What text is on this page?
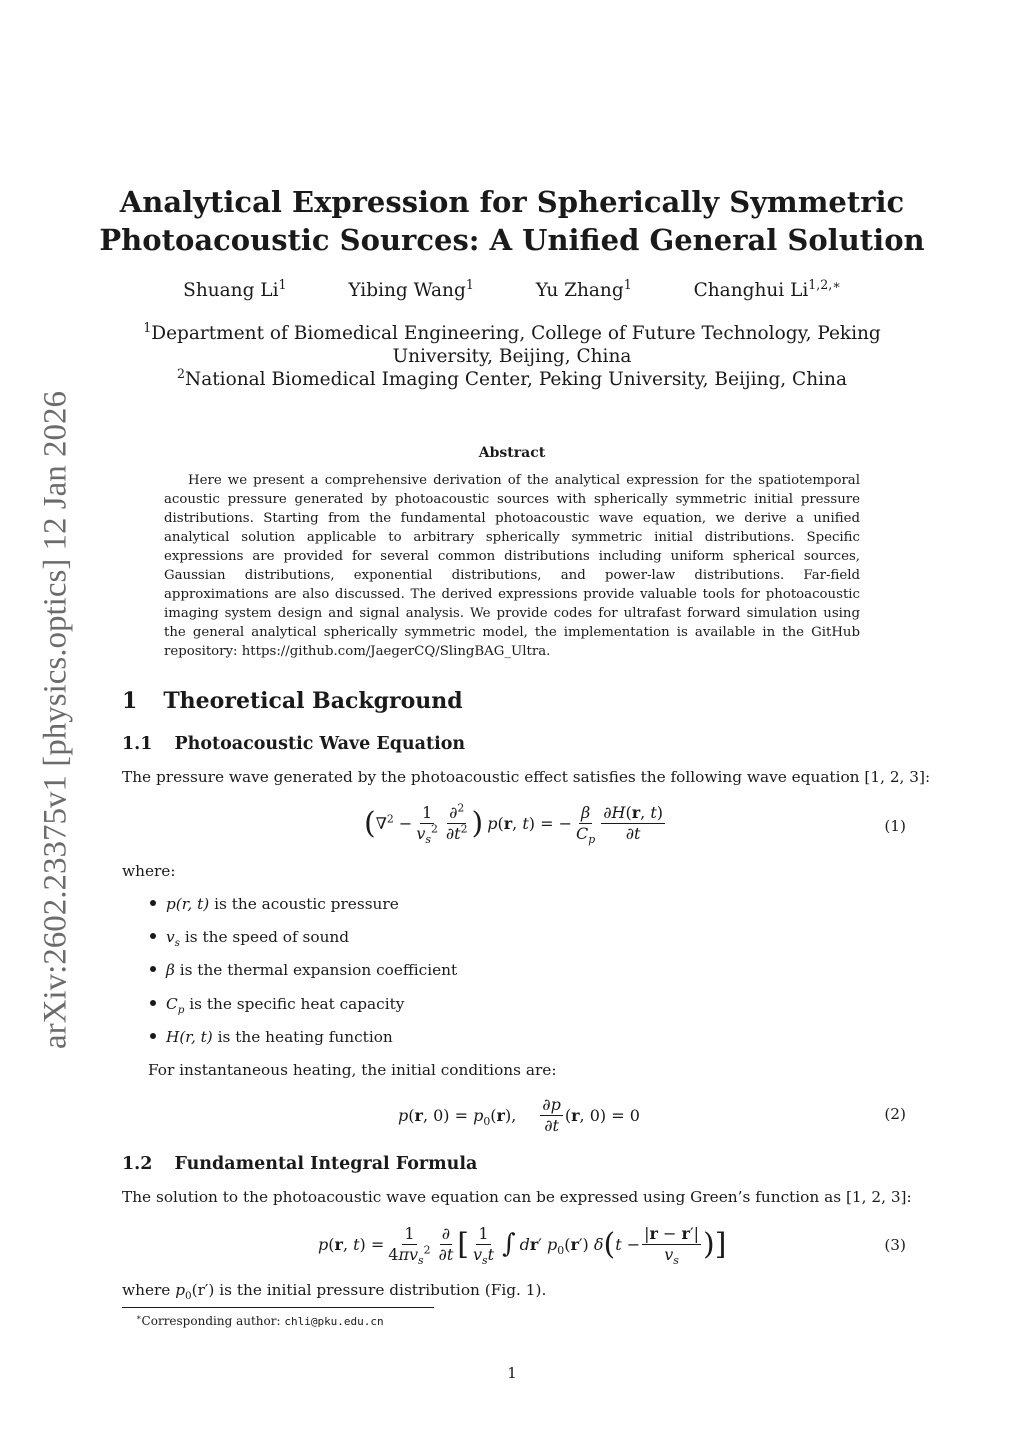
arXiv:2602.23375v1 [physics.optics] 12 Jan 2026
Analytical Expression for Spherically Symmetric
Photoacoustic Sources: A Unified General Solution
Shuang Li$^1$	Yibing Wang$^1$	Yu Zhang$^1$	Changhui $Li^{1,2,∗}$
$^1$Department of Biomedical Engineering, College of Future Technology, Peking
University, Beijing, China
$^2$National Biomedical Imaging Center, Peking University, Beijing, China
Abstract
Here we present a comprehensive derivation of the analytical expression for the spatiotemporal acoustic pressure generated by photoacoustic sources with spherically symmetric initial pressure distributions. Starting from the fundamental photoacoustic wave equation, we derive a unified analytical solution applicable to arbitrary spherically symmetric initial distributions. Specific expressions are provided for several common distributions including uniform spherical sources, Gaussian distributions, exponential distributions, and power-law distributions. Far-field approximations are also discussed. The derived expressions provide valuable tools for photoacoustic imaging system design and signal analysis. We provide codes for ultrafast forward simulation using the general analytical spherically symmetric model, the implementation is available in the GitHub repository: https://github.com/JaegerCQ/SlingBAG_Ultra.
1 Theoretical Background
1.1 Photoacoustic Wave Equation
The pressure wave generated by the photoacoustic effect satisfies the following wave equation [1, 2, 3]:
( $\nabla^2 - \frac{1}{v_s^2} \frac{\partial^2}{\partial t^2}$ ) p(r, t) = − $\frac{\beta}{C_p} \frac{\partial H(r, t)}{\partial t}$	(1)
where:
p(r, t) is the acoustic pressure
$v_s$ is the speed of sound
β is the thermal expansion coefficient
$C_p$ is the specific heat capacity
H(r, t) is the heating function
For instantaneous heating, the initial conditions are:
p(r, $0) = p_0(r)$, $\frac{\partial p}{\partial t} (r$, 0) = 0	(2)
1.2 Fundamental Integral Formula
The solution to the photoacoustic wave equation can be expressed using Green’s function as [1, 2, 3]:
p(r, $t) = \frac{1}{4\pi v_s^2} \frac{\partial}{\partial t}$ [ $\frac{1}{v_st}$ ∫ dr′ $p_0(r')$ δ ( $t - \frac{|r - r'|}{v_s}$ ) ]	(3)
where $p_0(r')$ is the initial pressure distribution (Fig. 1).
∗Corresponding author: chli@pku.edu.cn
1
